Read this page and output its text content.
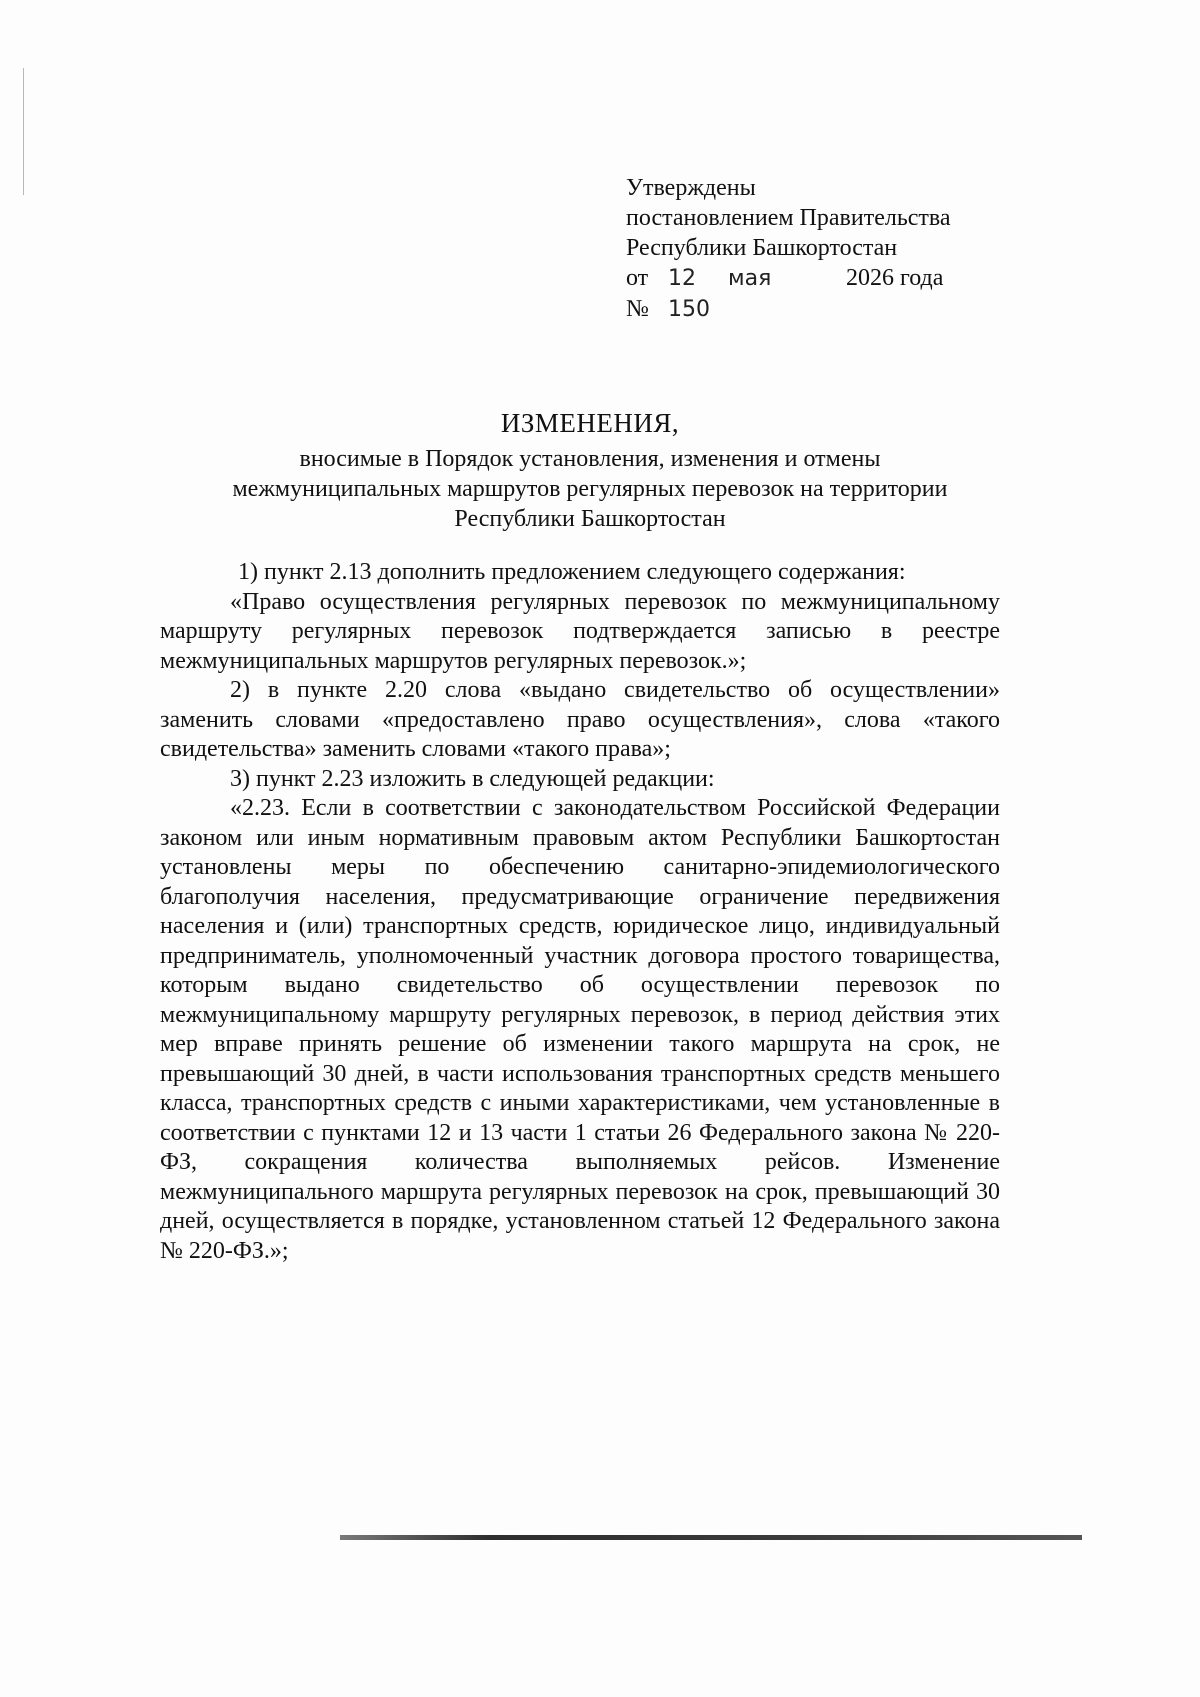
Утверждены
постановлением Правительства
Республики Башкортостан
от 12 мая	2026 года
№ 150
ИЗМЕНЕНИЯ,
вносимые в Порядок установления, изменения и отмены
межмуниципальных маршрутов регулярных перевозок на территории
Республики Башкортостан

1) пункт 2.13 дополнить предложением следующего содержания:

«Право осуществления регулярных перевозок по межмуниципальному маршруту регулярных перевозок подтверждается записью в реестре межмуниципальных маршрутов регулярных перевозок.»;

2) в пункте 2.20 слова «выдано свидетельство об осуществлении» заменить словами «предоставлено право осуществления», слова «такого свидетельства» заменить словами «такого права»;

3) пункт 2.23 изложить в следующей редакции:

«2.23. Если в соответствии с законодательством Российской Федерации законом или иным нормативным правовым актом Республики Башкортостан установлены меры по обеспечению санитарно-эпидемиологического благополучия населения, предусматривающие ограничение передвижения населения и (или) транспортных средств, юридическое лицо, индивидуальный предприниматель, уполномоченный участник договора простого товарищества, которым выдано свидетельство об осуществлении перевозок по межмуниципальному маршруту регулярных перевозок, в период действия этих мер вправе принять решение об изменении такого маршрута на срок, не превышающий 30 дней, в части использования транспортных средств меньшего класса, транспортных средств с иными характеристиками, чем установленные в соответствии с пунктами 12 и 13 части 1 статьи 26 Федерального закона № 220-ФЗ, сокращения количества выполняемых рейсов. Изменение межмуниципального маршрута регулярных перевозок на срок, превышающий 30 дней, осуществляется в порядке, установленном статьей 12 Федерального закона № 220-ФЗ.»;
